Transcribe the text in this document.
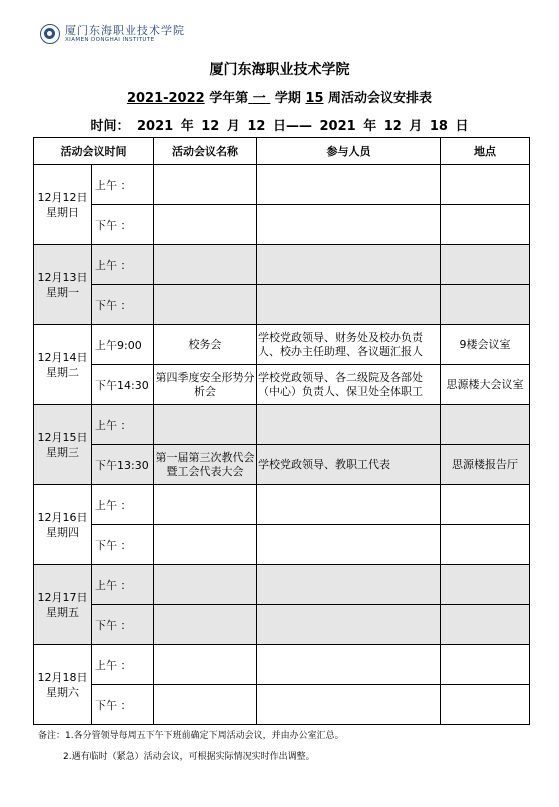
厦门东海职业技术学院
XIAMEN DONGHAI INSTITUTE
厦门东海职业技术学院
2021-2022 学年第 一 学期 15 周活动会议安排表
时间： 2021 年 12 月 12 日—— 2021 年 12 月 18 日
活动会议时间		活动会议名称	参与人员	地点
12月12日
星期日	上午 ：			
	下午 ：			
12月13日
星期一	上午 ：			
	下午 ：			
12月14日
星期二	上午9:00	校务会	学校党政领导、财务处及校办负责人、校办主任助理、各议题汇报人	9楼会议室
	下午14:30	第四季度安全形势分析会	学校党政领导、各二级院及各部处（中心）负责人、保卫处全体职工	思源楼大会议室
12月15日
星期三	上午 ：			
	下午13:30	第一届第三次教代会暨工会代表大会	学校党政领导、教职工代表	思源楼报告厅
12月16日
星期四	上午 ：			
	下午 ：			
12月17日
星期五	上午 ：			
	下午 ：			
12月18日
星期六	上午 ：			
	下午 ：			
备注：1.各分管领导每周五下午下班前确定下周活动会议，并由办公室汇总。
2.遇有临时（紧急）活动会议，可根据实际情况实时作出调整。
